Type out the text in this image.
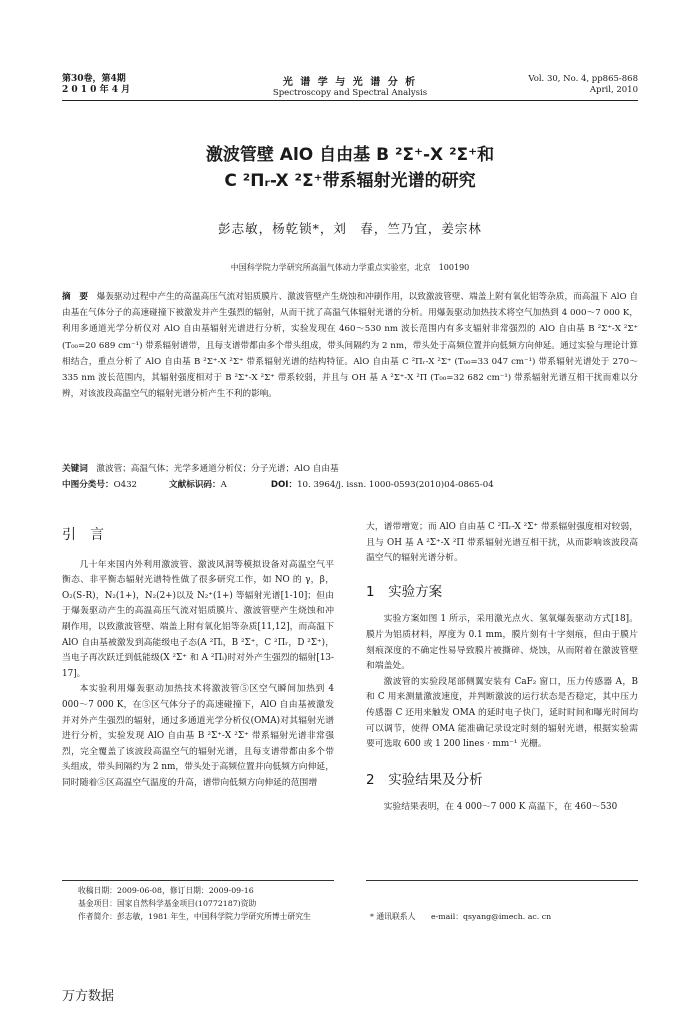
第30卷，第4期
2 0 1 0 年 4 月
光 谱 学 与 光 谱 分 析
Spectroscopy and Spectral Analysis
Vol. 30, No. 4, pp865-868
April, 2010
激波管壁 AlO 自由基 B ²Σ⁺-X ²Σ⁺和
C ²Πᵣ-X ²Σ⁺带系辐射光谱的研究
彭志敏，杨乾锁*，刘　春，竺乃宜，姜宗林
中国科学院力学研究所高温气体动力学重点实验室，北京　100190
摘　要　 爆轰驱动过程中产生的高温高压气流对铝质膜片、激波管壁产生烧蚀和冲刷作用，以致激波管壁、端盖上附有氧化铝等杂质，而高温下 AlO 自由基在气体分子的高速碰撞下被激发并产生强烈的辐射，从而干扰了高温气体辐射光谱的分析。用爆轰驱动加热技术将空气加热到 4 000～7 000 K，利用多通道光学分析仪对 AlO 自由基辐射光谱进行分析，实验发现在 460～530 nm 波长范围内有多支辐射非常强烈的 AlO 自由基 B ²Σ⁺-X ²Σ⁺ (T₀₀=20 689 cm⁻¹) 带系辐射谱带，且每支谱带都由多个带头组成，带头间隔约为 2 nm，带头处于高频位置并向低频方向伸延。通过实验与理论计算相结合，重点分析了 AlO 自由基 B ²Σ⁺-X ²Σ⁺ 带系辐射光谱的结构特征。AlO 自由基 C ²Πᵣ-X ²Σ⁺ (T₀₀=33 047 cm⁻¹) 带系辐射光谱处于 270～335 nm 波长范围内，其辐射强度相对于 B ²Σ⁺-X ²Σ⁺ 带系较弱，并且与 OH 基 A ²Σ⁺-X ²Π (T₀₀=32 682 cm⁻¹) 带系辐射光谱互相干扰而难以分辨，对该波段高温空气的辐射光谱分析产生不利的影响。
关键词　 激波管；高温气体；光学多通道分析仪；分子光谱；AlO 自由基
中图分类号：O432	文献标识码：A	DOI：10. 3964/j. issn. 1000-0593(2010)04-0865-04
引　言

几十年来国内外利用激波管、激波风洞等模拟设备对高温空气平衡态、非平衡态辐射光谱特性做了很多研究工作，如 NO 的 γ，β，O₂(S-R)，N₂(1+)，N₂(2+)以及 N₂⁺(1+) 等辐射光谱[1-10]；但由于爆轰驱动产生的高温高压气流对铝质膜片、激波管壁产生烧蚀和冲刷作用，以致激波管壁、端盖上附有氧化铝等杂质[11,12]，而高温下 AlO 自由基被激发到高能级电子态(A ²Πᵢ，B ²Σ⁺，C ²Πᵣ，D ²Σ⁺)，当电子再次跃迁到低能级(X ²Σ⁺ 和 A ²Πᵢ)时对外产生强烈的辐射[13-17]。

本实验利用爆轰驱动加热技术将激波管⑤区空气瞬间加热到 4 000～7 000 K，在⑤区气体分子的高速碰撞下，AlO 自由基被激发并对外产生强烈的辐射，通过多通道光学分析仪(OMA)对其辐射光谱进行分析，实验发现 AlO 自由基 B ²Σ⁺-X ²Σ⁺ 带系辐射光谱非常强烈，完全覆盖了该波段高温空气的辐射光谱，且每支谱带都由多个带头组成，带头间隔约为 2 nm，带头处于高频位置并向低频方向伸延，同时随着⑤区高温空气温度的升高，谱带向低频方向伸延的范围增

大，谱带增宽；而 AlO 自由基 C ²Πᵣ-X ²Σ⁺ 带系辐射强度相对较弱，且与 OH 基 A ²Σ⁺-X ²Π 带系辐射光谱互相干扰，从而影响该波段高温空气的辐射光谱分析。
1　实验方案

实验方案如图 1 所示，采用激光点火、氢氧爆轰驱动方式[18]。膜片为铝质材料，厚度为 0.1 mm，膜片刻有十字刻痕，但由于膜片刻痕深度的不确定性易导致膜片被撕碎、烧蚀，从而附着在激波管壁和端盖处。

激波管的实验段尾部侧翼安装有 CaF₂ 窗口，压力传感器 A，B 和 C 用来测量激波速度，并判断激波的运行状态是否稳定，其中压力传感器 C 还用来触发 OMA 的延时电子快门，延时时间和曝光时间均可以调节，使得 OMA 能准确记录设定时刻的辐射光谱，根据实验需要可选取 600 或 1 200 lines · mm⁻¹ 光栅。

2　实验结果及分析

实验结果表明，在 4 000～7 000 K 高温下，在 460～530

收稿日期：2009-06-08，修订日期：2009-09-16
基金项目：国家自然科学基金项目(10772187)资助
作者简介：彭志敏，1981 年生，中国科学院力学研究所博士研究生	* 通讯联系人　　e-mail：qsyang@imech. ac. cn
万方数据
